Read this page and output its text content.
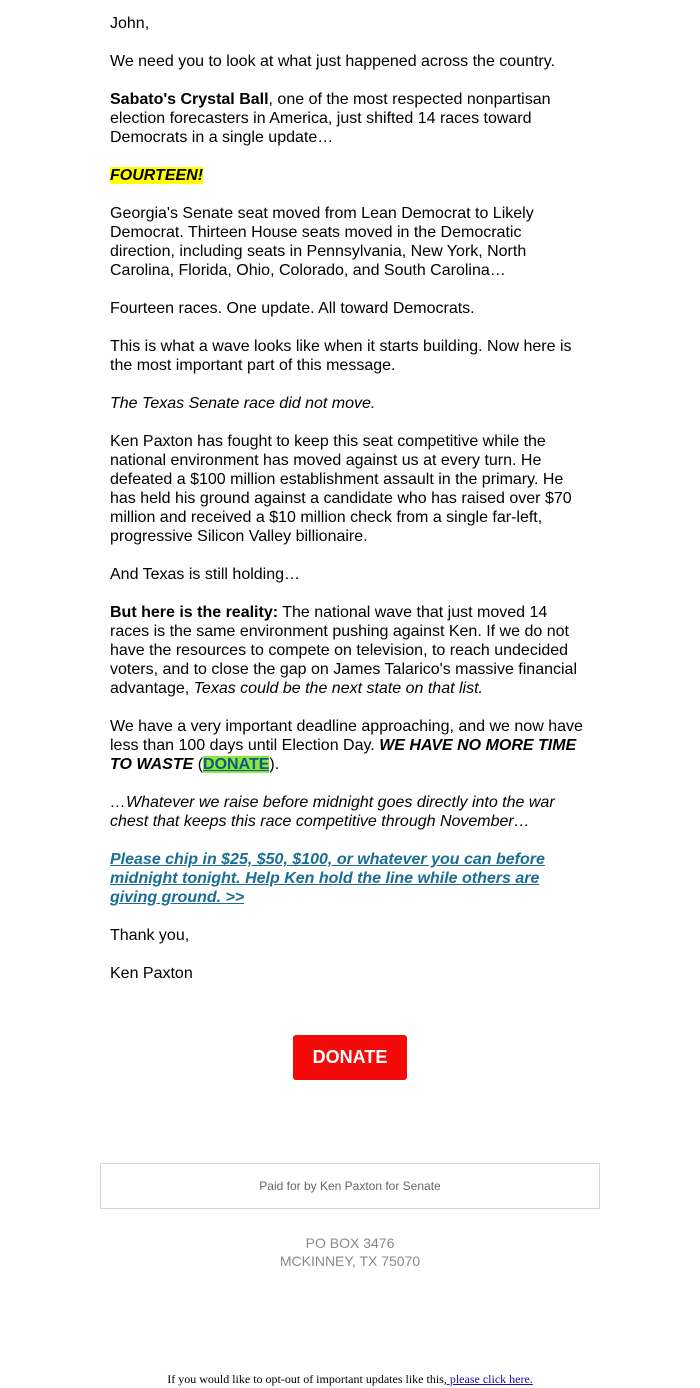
John,

We need you to look at what just happened across the country.

Sabato's Crystal Ball, one of the most respected nonpartisan election forecasters in America, just shifted 14 races toward Democrats in a single update…

FOURTEEN!

Georgia's Senate seat moved from Lean Democrat to Likely Democrat. Thirteen House seats moved in the Democratic direction, including seats in Pennsylvania, New York, North Carolina, Florida, Ohio, Colorado, and South Carolina…

Fourteen races. One update. All toward Democrats.

This is what a wave looks like when it starts building. Now here is the most important part of this message.

The Texas Senate race did not move.

Ken Paxton has fought to keep this seat competitive while the national environment has moved against us at every turn. He defeated a $100 million establishment assault in the primary. He has held his ground against a candidate who has raised over $70 million and received a $10 million check from a single far-left, progressive Silicon Valley billionaire.

And Texas is still holding…

But here is the reality: The national wave that just moved 14 races is the same environment pushing against Ken. If we do not have the resources to compete on television, to reach undecided voters, and to close the gap on James Talarico's massive financial advantage, Texas could be the next state on that list.

We have a very important deadline approaching, and we now have less than 100 days until Election Day. WE HAVE NO MORE TIME TO WASTE (DONATE).

…Whatever we raise before midnight goes directly into the war chest that keeps this race competitive through November…

Please chip in $25, $50, $100, or whatever you can before midnight tonight. Help Ken hold the line while others are giving ground. >>

Thank you,

Ken Paxton

DONATE
Paid for by Ken Paxton for Senate
PO BOX 3476
MCKINNEY, TX 75070
If you would like to opt-out of important updates like this, please click here.
